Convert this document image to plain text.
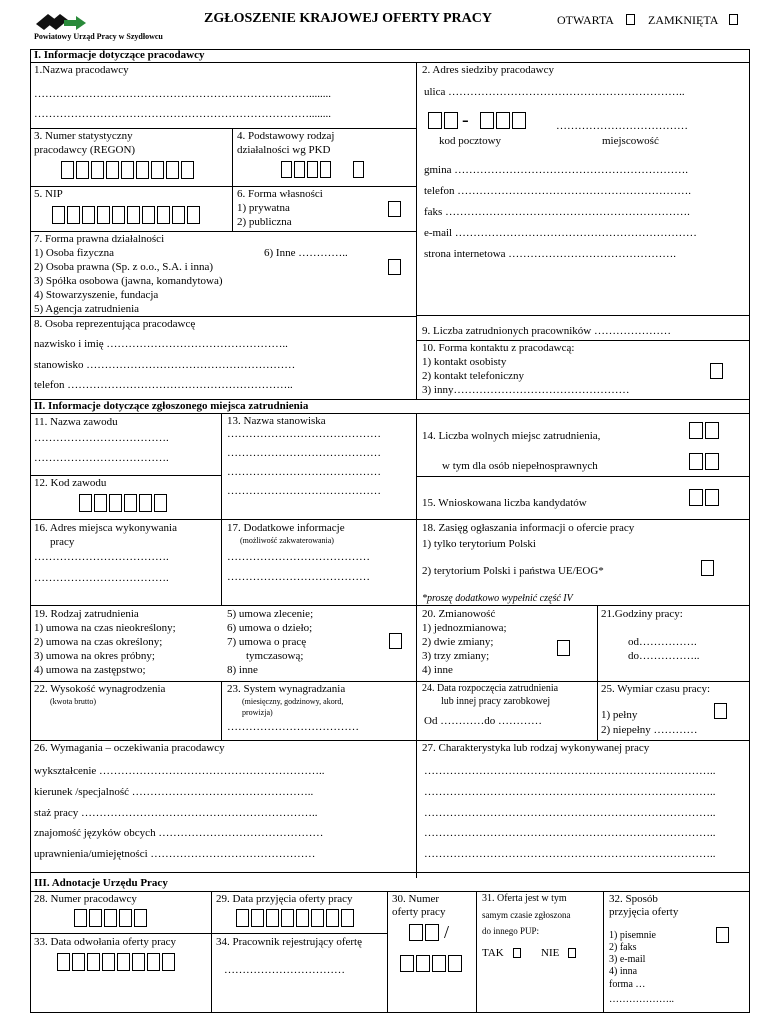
Powiatowy Urząd Pracy w Szydłowcu
ZGŁOSZENIE KRAJOWEJ OFERTY PRACY	OTWARTA	ZAMKNIĘTA
I. Informacje dotyczące pracodawcy
1.Nazwa pracodawcy
…………………………………………………………………........
…………………………………………………………………........
2. Adres siedziby pracodawcy
ulica ………………………………………………………..
-	………………………………
kod pocztowy	miejscowość
gmina ……………………………………………………….
telefon ……………………………………………………….
faks ………………………………………………………….
e-mail …………………………………………………………
strona internetowa ……………………………………….
3. Numer statystyczny
pracodawcy (REGON)
4. Podstawowy rodzaj
działalności wg PKD
5. NIP	6. Forma własności
1) prywatna
2) publiczna
7. Forma prawna działalności
1) Osoba fizyczna	6) Inne …………..
2) Osoba prawna (Sp. z o.o., S.A. i inna)
3) Spółka osobowa (jawna, komandytowa)
4) Stowarzyszenie, fundacja
5) Agencja zatrudnienia
8. Osoba reprezentująca pracodawcę
nazwisko i imię …………………………………………..
stanowisko …………………………………………………
telefon ……………………………………………………..
9. Liczba zatrudnionych pracowników …………………
10. Forma kontaktu z pracodawcą:
1) kontakt osobisty
2) kontakt telefoniczny
3) inny…………………………………………
II. Informacje dotyczące zgłoszonego miejsca zatrudnienia
11. Nazwa zawodu
……………………………….
……………………………….
12. Kod zawodu
13. Nazwa stanowiska
……………………………………
……………………………………
……………………………………
……………………………………
14. Liczba wolnych miejsc zatrudnienia,
w tym dla osób niepełnosprawnych
15. Wnioskowana liczba kandydatów
16. Adres miejsca wykonywania
pracy
……………………………….
……………………………….
17. Dodatkowe informacje
(możliwość zakwaterowania)
…………………………………
…………………………………
18. Zasięg ogłaszania informacji o ofercie pracy
1) tylko terytorium Polski
2) terytorium Polski i państwa UE/EOG*
*proszę dodatkowo wypełnić część IV
19. Rodzaj zatrudnienia
1) umowa na czas nieokreślony;
2) umowa na czas określony;
3) umowa na okres próbny;
4) umowa na zastępstwo;
5) umowa zlecenie;
6) umowa o dzieło;
7) umowa o pracę
tymczasową;
8) inne
20. Zmianowość
1) jednozmianowa;
2) dwie zmiany;
3) trzy zmiany;
4) inne
21.Godziny pracy:
od…………….
do……………..
22. Wysokość wynagrodzenia
(kwota brutto)
23. System wynagradzania
(miesięczny, godzinowy, akord,
prowizja)
………………………………
24. Data rozpoczęcia zatrudnienia
lub innej pracy zarobkowej
Od …………do …………
25. Wymiar czasu pracy:
1) pełny
2) niepełny …………
26. Wymagania – oczekiwania pracodawcy
wykształcenie ……………………………………………………..
kierunek /specjalność …………………………………………..
staż pracy ………………………………………………………..
znajomość języków obcych ………………………………………
uprawnienia/umiejętności ………………………………………
27. Charakterystyka lub rodzaj wykonywanej pracy
……………………………………………………………………..
……………………………………………………………………..
……………………………………………………………………..
……………………………………………………………………..
……………………………………………………………………..
III. Adnotacje Urzędu Pracy
28. Numer pracodawcy	29. Data przyjęcia oferty pracy
33. Data odwołania oferty pracy	34. Pracownik rejestrujący ofertę
……………………………
30. Numer
oferty pracy
/
31. Oferta jest w tym
samym czasie zgłoszona
do innego PUP:
TAK	NIE
32. Sposób
przyjęcia oferty
1) pisemnie
2) faks
3) e-mail
4) inna
forma …
………………..
